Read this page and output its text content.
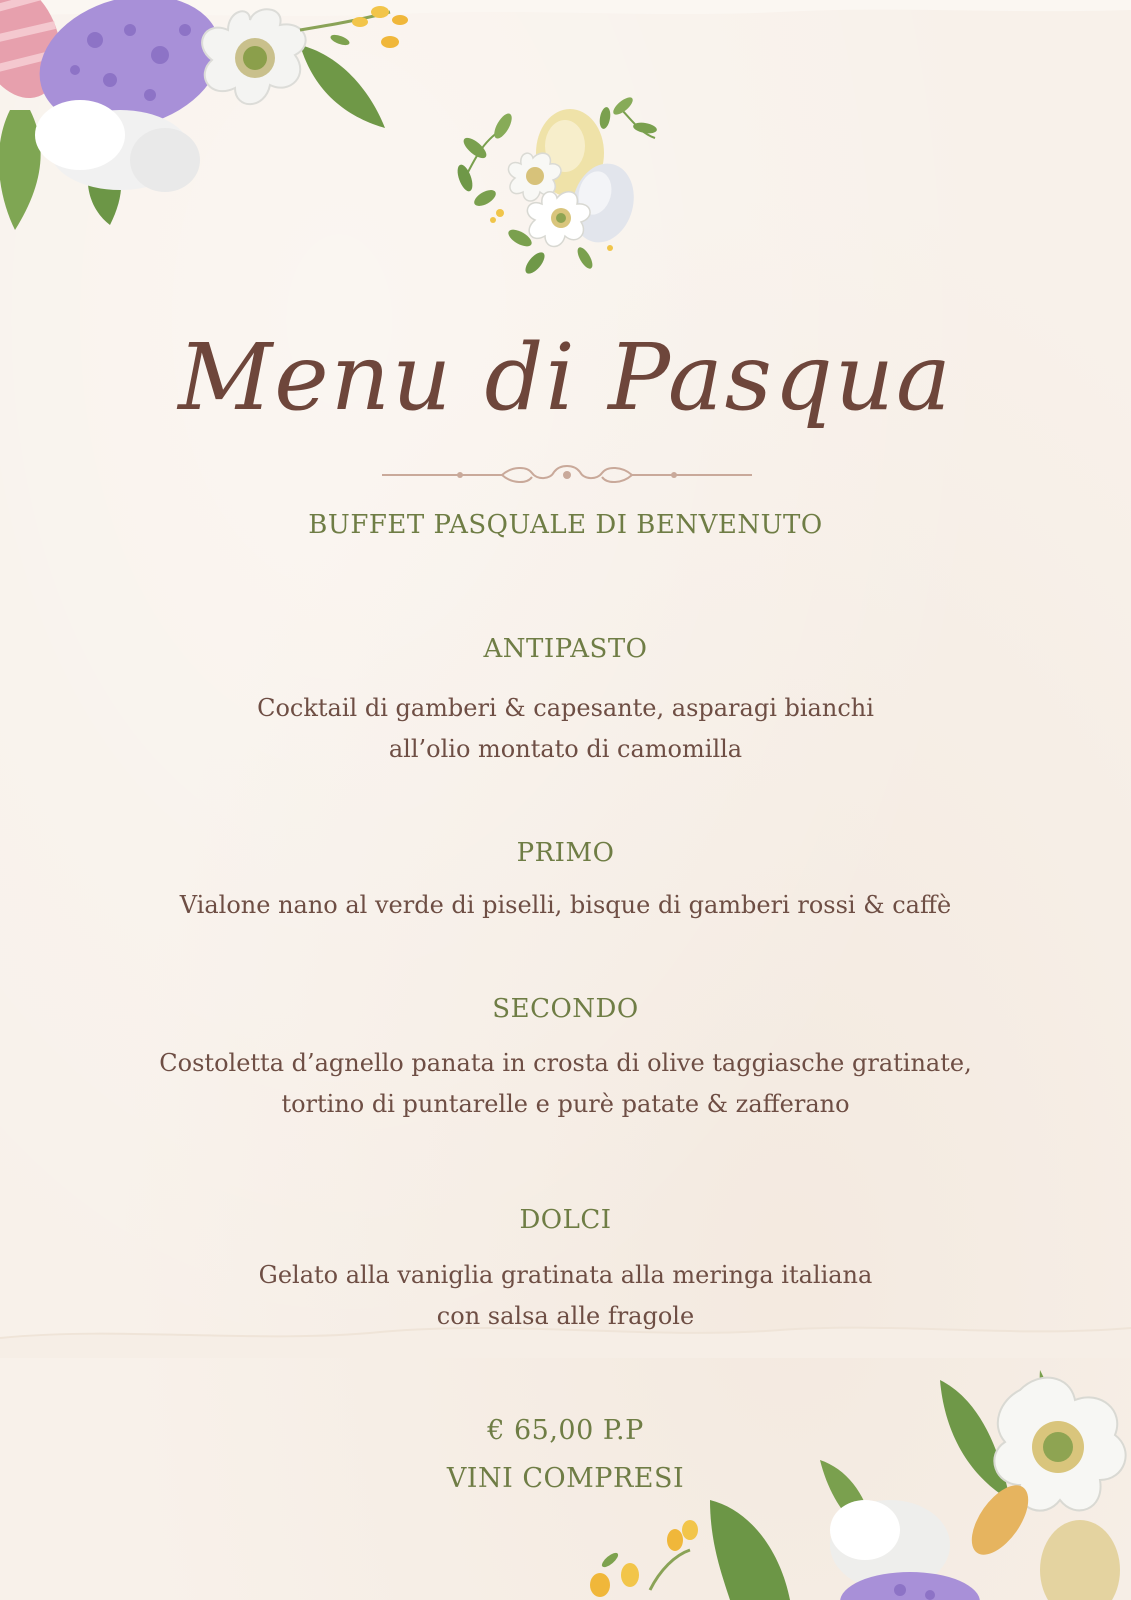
Menu di Pasqua
BUFFET PASQUALE DI BENVENUTO
ANTIPASTO
Cocktail di gamberi & capesante, asparagi bianchi
all’olio montato di camomilla
PRIMO
Vialone nano al verde di piselli, bisque di gamberi rossi & caffè
SECONDO
Costoletta d’agnello panata in crosta di olive taggiasche gratinate,
tortino di puntarelle e purè patate & zafferano
DOLCI
Gelato alla vaniglia gratinata alla meringa italiana
con salsa alle fragole
€ 65,00 P.P
VINI COMPRESI
